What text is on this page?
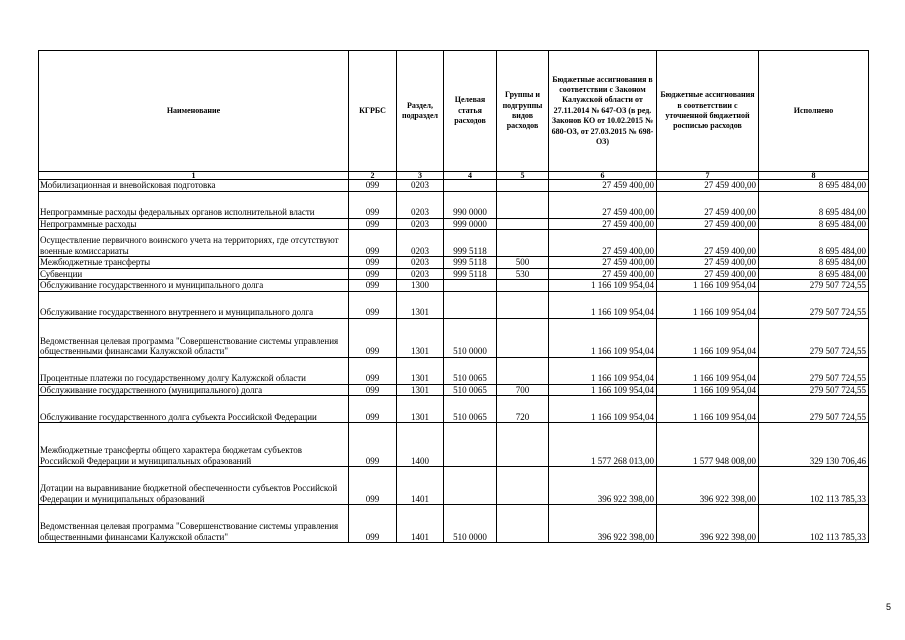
Наименование	КГРБС	Раздел, подраздел	Целевая статья расходов	Группы и подгруппы видов расходов	Бюджетные ассигнования в соответствии с Законом Калужской области от 27.11.2014 № 647-ОЗ (в ред. Законов КО от 10.02.2015 № 680-ОЗ, от 27.03.2015 № 698-ОЗ)	Бюджетные ассигнования в соответствии с уточненной бюджетной росписью расходов	Исполнено
1	2	3	4	5	6	7	8
Мобилизационная и вневойсковая подготовка	099	0203			27 459 400,00	27 459 400,00	8 695 484,00
Непрограммные расходы федеральных органов исполнительной власти	099	0203	990 0000		27 459 400,00	27 459 400,00	8 695 484,00
Непрограммные расходы	099	0203	999 0000		27 459 400,00	27 459 400,00	8 695 484,00
Осуществление первичного воинского учета на территориях, где отсутствуют военные комиссариаты	099	0203	999 5118		27 459 400,00	27 459 400,00	8 695 484,00
Межбюджетные трансферты	099	0203	999 5118	500	27 459 400,00	27 459 400,00	8 695 484,00
Субвенции	099	0203	999 5118	530	27 459 400,00	27 459 400,00	8 695 484,00
Обслуживание государственного и муниципального долга	099	1300			1 166 109 954,04	1 166 109 954,04	279 507 724,55
Обслуживание государственного внутреннего и муниципального долга	099	1301			1 166 109 954,04	1 166 109 954,04	279 507 724,55
Ведомственная целевая программа "Совершенствование системы управления общественными финансами Калужской области"	099	1301	510 0000		1 166 109 954,04	1 166 109 954,04	279 507 724,55
Процентные платежи по государственному долгу Калужской области	099	1301	510 0065		1 166 109 954,04	1 166 109 954,04	279 507 724,55
Обслуживание государственного (муниципального) долга	099	1301	510 0065	700	1 166 109 954,04	1 166 109 954,04	279 507 724,55
Обслуживание государственного долга субъекта Российской Федерации	099	1301	510 0065	720	1 166 109 954,04	1 166 109 954,04	279 507 724,55
Межбюджетные трансферты общего характера бюджетам субъектов Российской Федерации и муниципальных образований	099	1400			1 577 268 013,00	1 577 948 008,00	329 130 706,46
Дотации на выравнивание бюджетной обеспеченности субъектов Российской Федерации и муниципальных образований	099	1401			396 922 398,00	396 922 398,00	102 113 785,33
Ведомственная целевая программа "Совершенствование системы управления общественными финансами Калужской области"	099	1401	510 0000		396 922 398,00	396 922 398,00	102 113 785,33
5
